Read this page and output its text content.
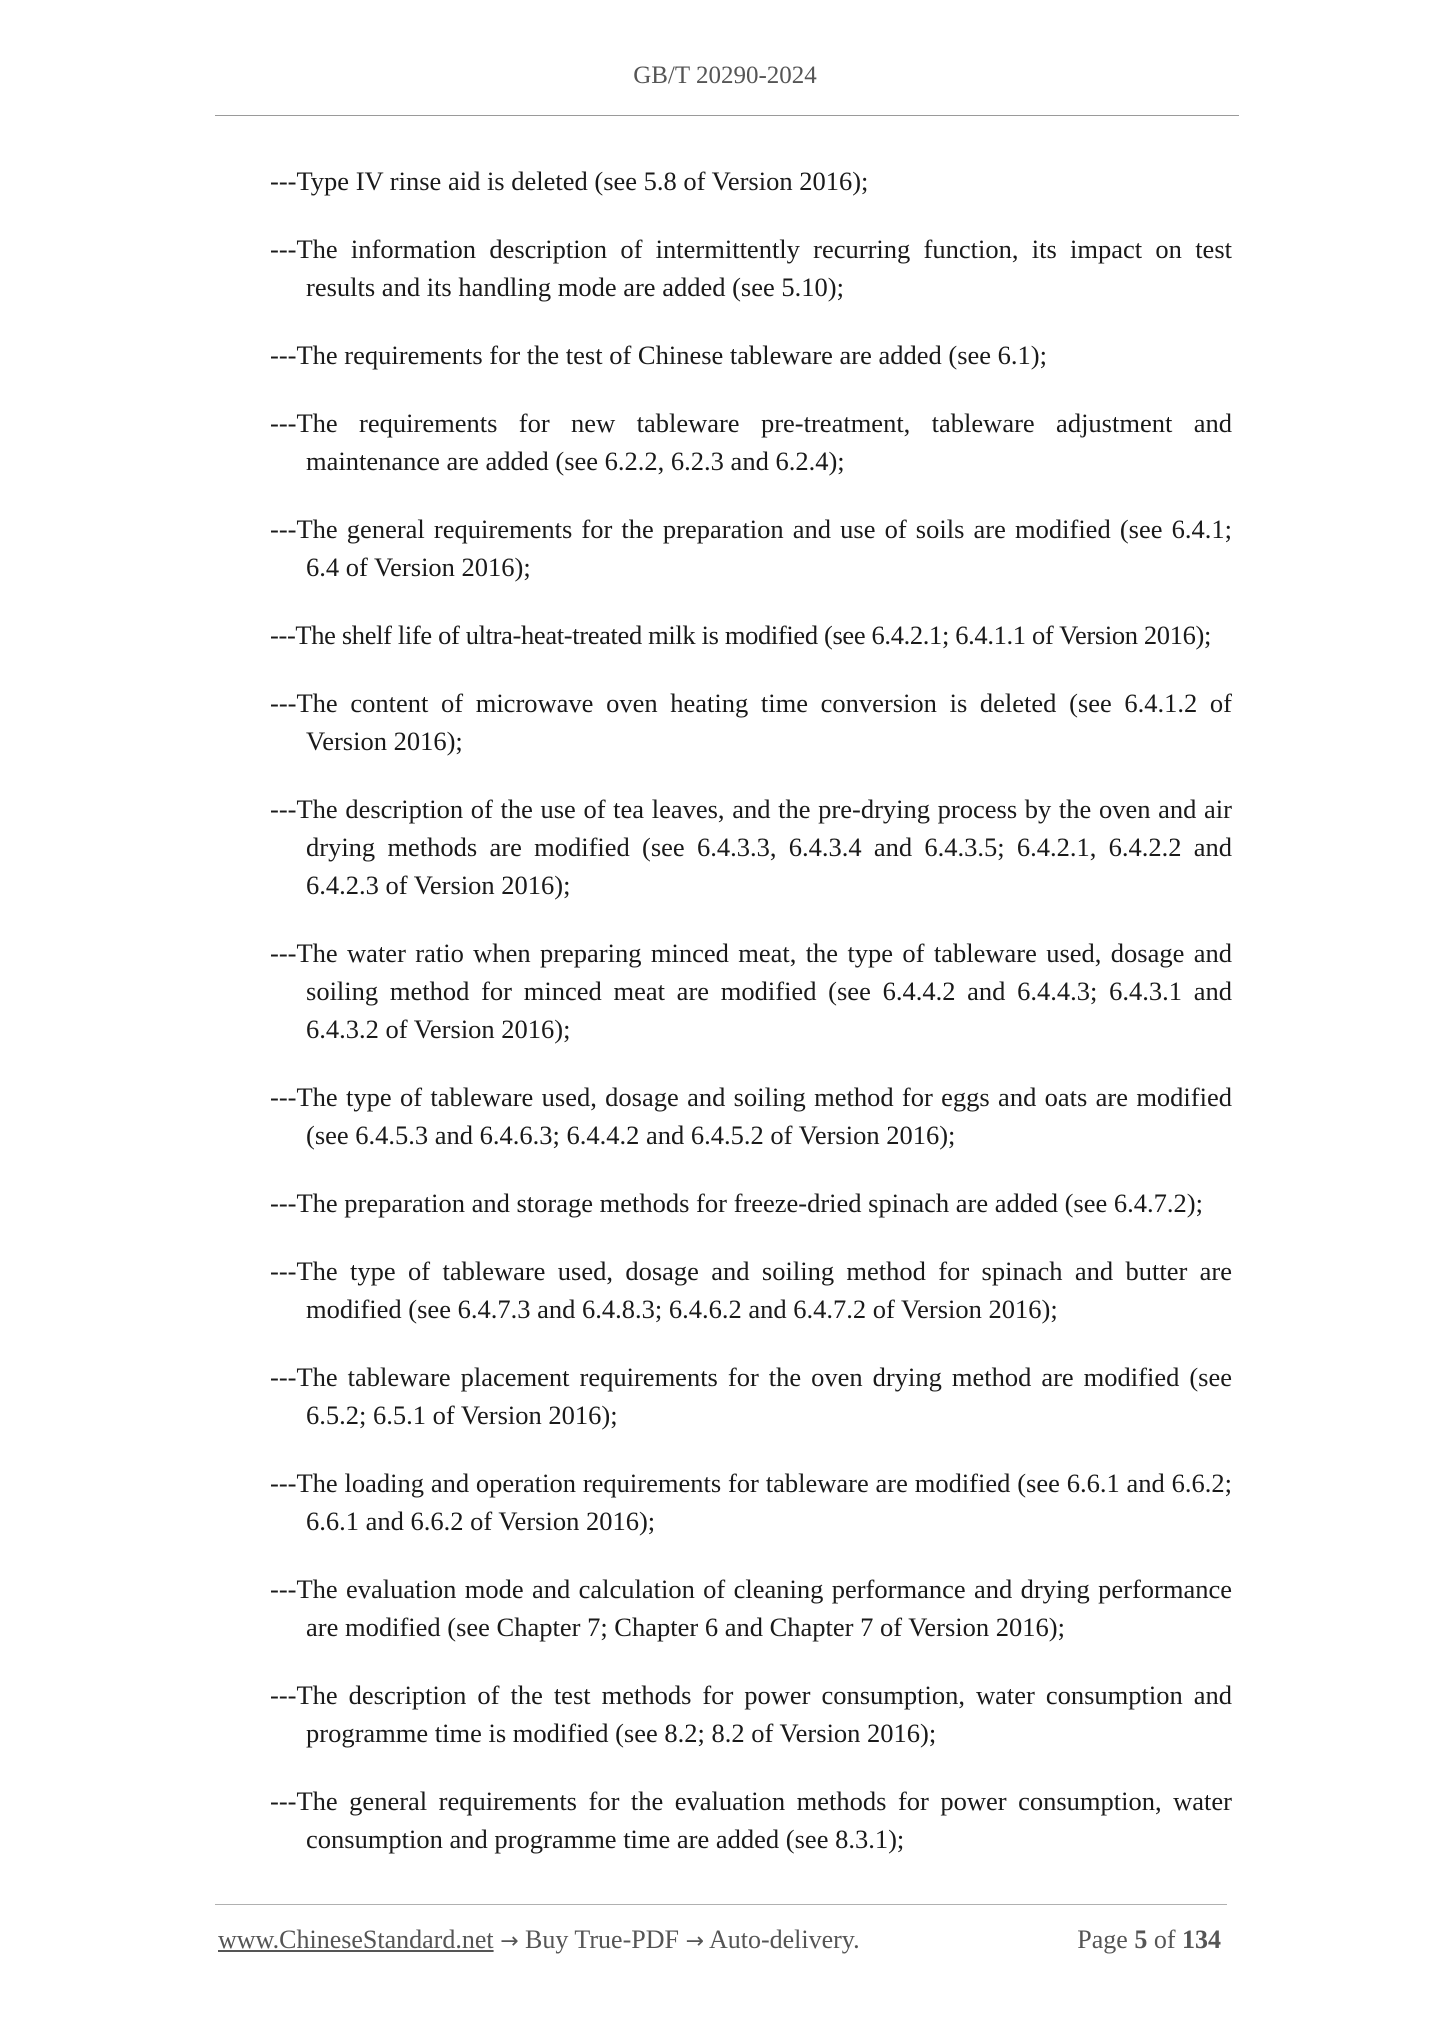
GB/T 20290-2024

---Type IV rinse aid is deleted (see 5.8 of Version 2016);

---The information description of intermittently recurring function, its impact on test results and its handling mode are added (see 5.10);

---The requirements for the test of Chinese tableware are added (see 6.1);

---The requirements for new tableware pre-treatment, tableware adjustment and maintenance are added (see 6.2.2, 6.2.3 and 6.2.4);

---The general requirements for the preparation and use of soils are modified (see 6.4.1; 6.4 of Version 2016);

---The shelf life of ultra-heat-treated milk is modified (see 6.4.2.1; 6.4.1.1 of Version 2016);

---The content of microwave oven heating time conversion is deleted (see 6.4.1.2 of Version 2016);

---The description of the use of tea leaves, and the pre-drying process by the oven and air drying methods are modified (see 6.4.3.3, 6.4.3.4 and 6.4.3.5; 6.4.2.1, 6.4.2.2 and 6.4.2.3 of Version 2016);

---The water ratio when preparing minced meat, the type of tableware used, dosage and soiling method for minced meat are modified (see 6.4.4.2 and 6.4.4.3; 6.4.3.1 and 6.4.3.2 of Version 2016);

---The type of tableware used, dosage and soiling method for eggs and oats are modified (see 6.4.5.3 and 6.4.6.3; 6.4.4.2 and 6.4.5.2 of Version 2016);

---The preparation and storage methods for freeze-dried spinach are added (see 6.4.7.2);

---The type of tableware used, dosage and soiling method for spinach and butter are modified (see 6.4.7.3 and 6.4.8.3; 6.4.6.2 and 6.4.7.2 of Version 2016);

---The tableware placement requirements for the oven drying method are modified (see 6.5.2; 6.5.1 of Version 2016);

---The loading and operation requirements for tableware are modified (see 6.6.1 and 6.6.2; 6.6.1 and 6.6.2 of Version 2016);

---The evaluation mode and calculation of cleaning performance and drying performance are modified (see Chapter 7; Chapter 6 and Chapter 7 of Version 2016);

---The description of the test methods for power consumption, water consumption and programme time is modified (see 8.2; 8.2 of Version 2016);

---The general requirements for the evaluation methods for power consumption, water consumption and programme time are added (see 8.3.1);

www.ChineseStandard.net → Buy True-PDF → Auto-delivery.	Page 5 of 134
